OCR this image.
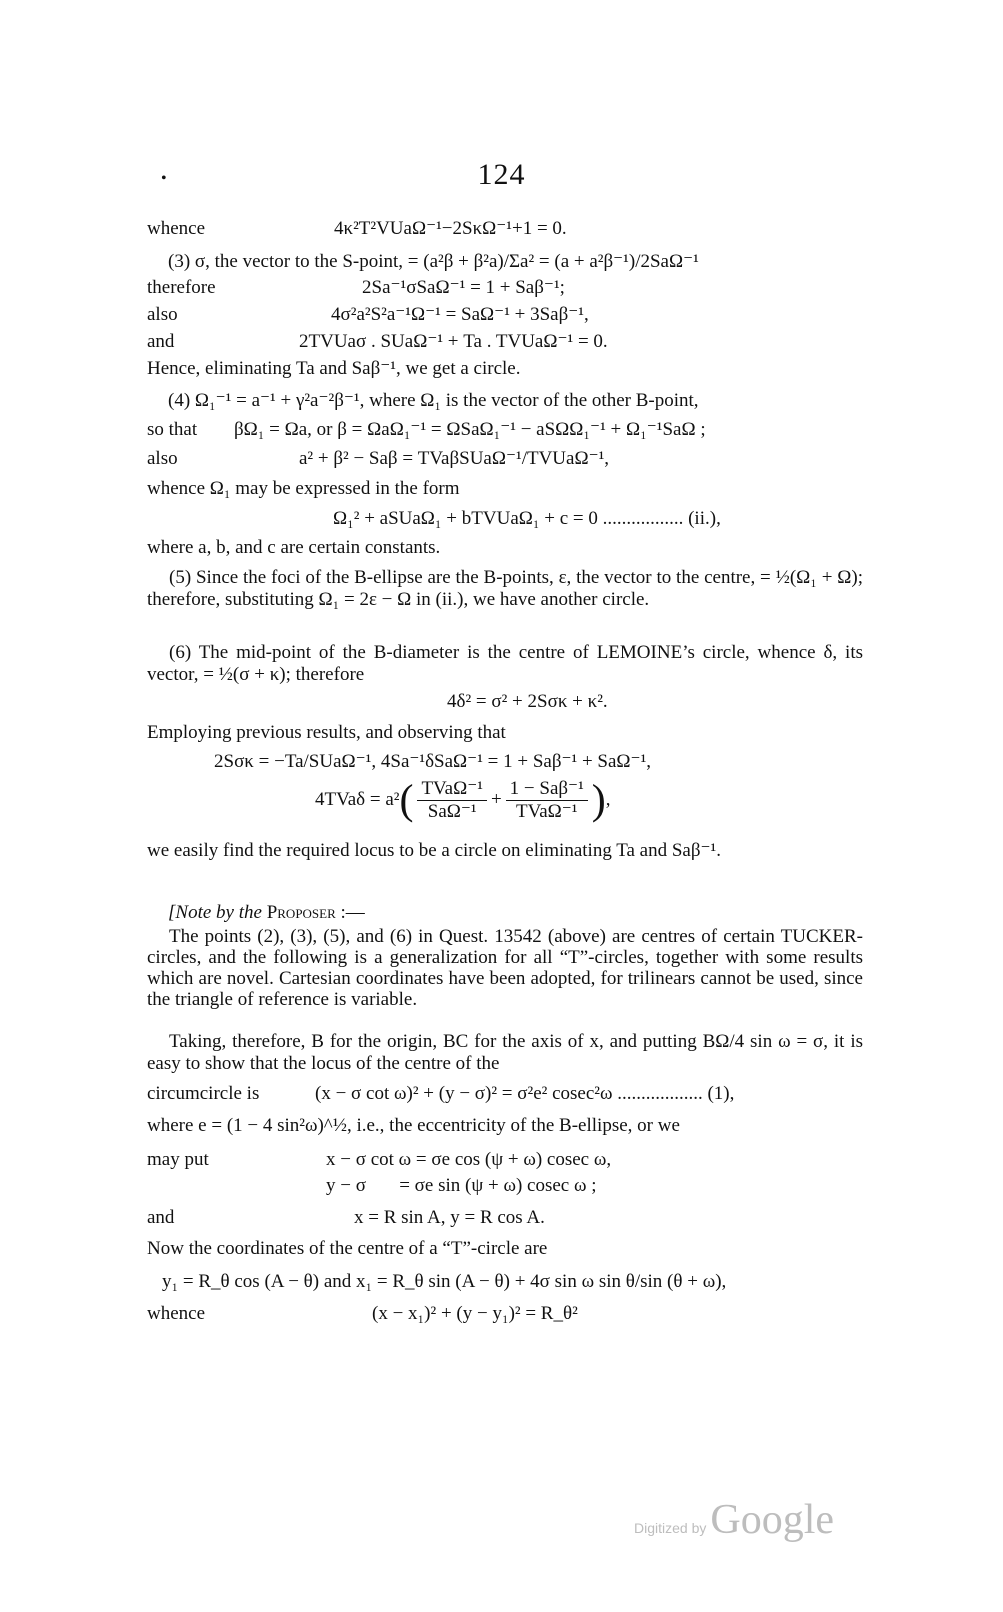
•	124
whence	4κ²T²VUaΩ⁻¹−2SκΩ⁻¹+1 = 0.
(3) σ, the vector to the S-point, = (a²β + β²a)/Σa² = (a + a²β⁻¹)/2SaΩ⁻¹
therefore	2Sa⁻¹σSaΩ⁻¹ = 1 + Saβ⁻¹;
also	4σ²a²S²a⁻¹Ω⁻¹ = SaΩ⁻¹ + 3Saβ⁻¹,
and	2TVUaσ . SUaΩ⁻¹ + Ta . TVUaΩ⁻¹ = 0.
Hence, eliminating Ta and Saβ⁻¹, we get a circle.
(4) Ω₁⁻¹ = a⁻¹ + γ²a⁻²β⁻¹, where Ω₁ is the vector of the other B-point,
so that βΩ₁ = Ωa, or β = ΩaΩ₁⁻¹ = ΩSaΩ₁⁻¹ − aSΩΩ₁⁻¹ + Ω₁⁻¹SaΩ ;
also	a² + β² − Saβ = TVaβSUaΩ⁻¹/TVUaΩ⁻¹,
whence Ω₁ may be expressed in the form
Ω₁² + aSUaΩ₁ + bTVUaΩ₁ + c = 0 ................. (ii.),
where a, b, and c are certain constants.
(5) Since the foci of the B-ellipse are the B-points, ε, the vector to the centre, = ½(Ω₁ + Ω); therefore, substituting Ω₁ = 2ε − Ω in (ii.), we have another circle.
(6) The mid-point of the B-diameter is the centre of LEMOINE’s circle, whence δ, its vector, = ½(σ + κ); therefore
4δ² = σ² + 2Sσκ + κ².
Employing previous results, and observing that
2Sσκ = −Ta/SUaΩ⁻¹, 4Sa⁻¹δSaΩ⁻¹ = 1 + Saβ⁻¹ + SaΩ⁻¹,
$4TVa\delta = a^2( \frac{\text{TVaΩ⁻¹}}{\text{SaΩ⁻¹}} + \frac{\text{1 − Saβ⁻¹}}{\text{TVaΩ⁻¹}}$ ),
we easily find the required locus to be a circle on eliminating Ta and Saβ⁻¹.
[Note by the Proposer :—
The points (2), (3), (5), and (6) in Quest. 13542 (above) are centres of certain TUCKER-circles, and the following is a generalization for all “T”-circles, together with some results which are novel. Cartesian coordinates have been adopted, for trilinears cannot be used, since the triangle of reference is variable.
Taking, therefore, B for the origin, BC for the axis of x, and putting BΩ/4 sin ω = σ, it is easy to show that the locus of the centre of the
circumcircle is	(x − σ cot ω)² + (y − σ)² = σ²e² cosec²ω .................. (1),
where e = (1 − 4 sin²ω)^½, i.e., the eccentricity of the B-ellipse, or we
may put	x − σ cot ω = σe cos (ψ + ω) cosec ω,
y − σ       = σe sin (ψ + ω) cosec ω ;
and	x = R sin A, y = R cos A.
Now the coordinates of the centre of a “T”-circle are
y₁ = R_θ cos (A − θ) and x₁ = R_θ sin (A − θ) + 4σ sin ω sin θ/sin (θ + ω),
whence	(x − x₁)² + (y − y₁)² = R_θ²
Digitized by Google
